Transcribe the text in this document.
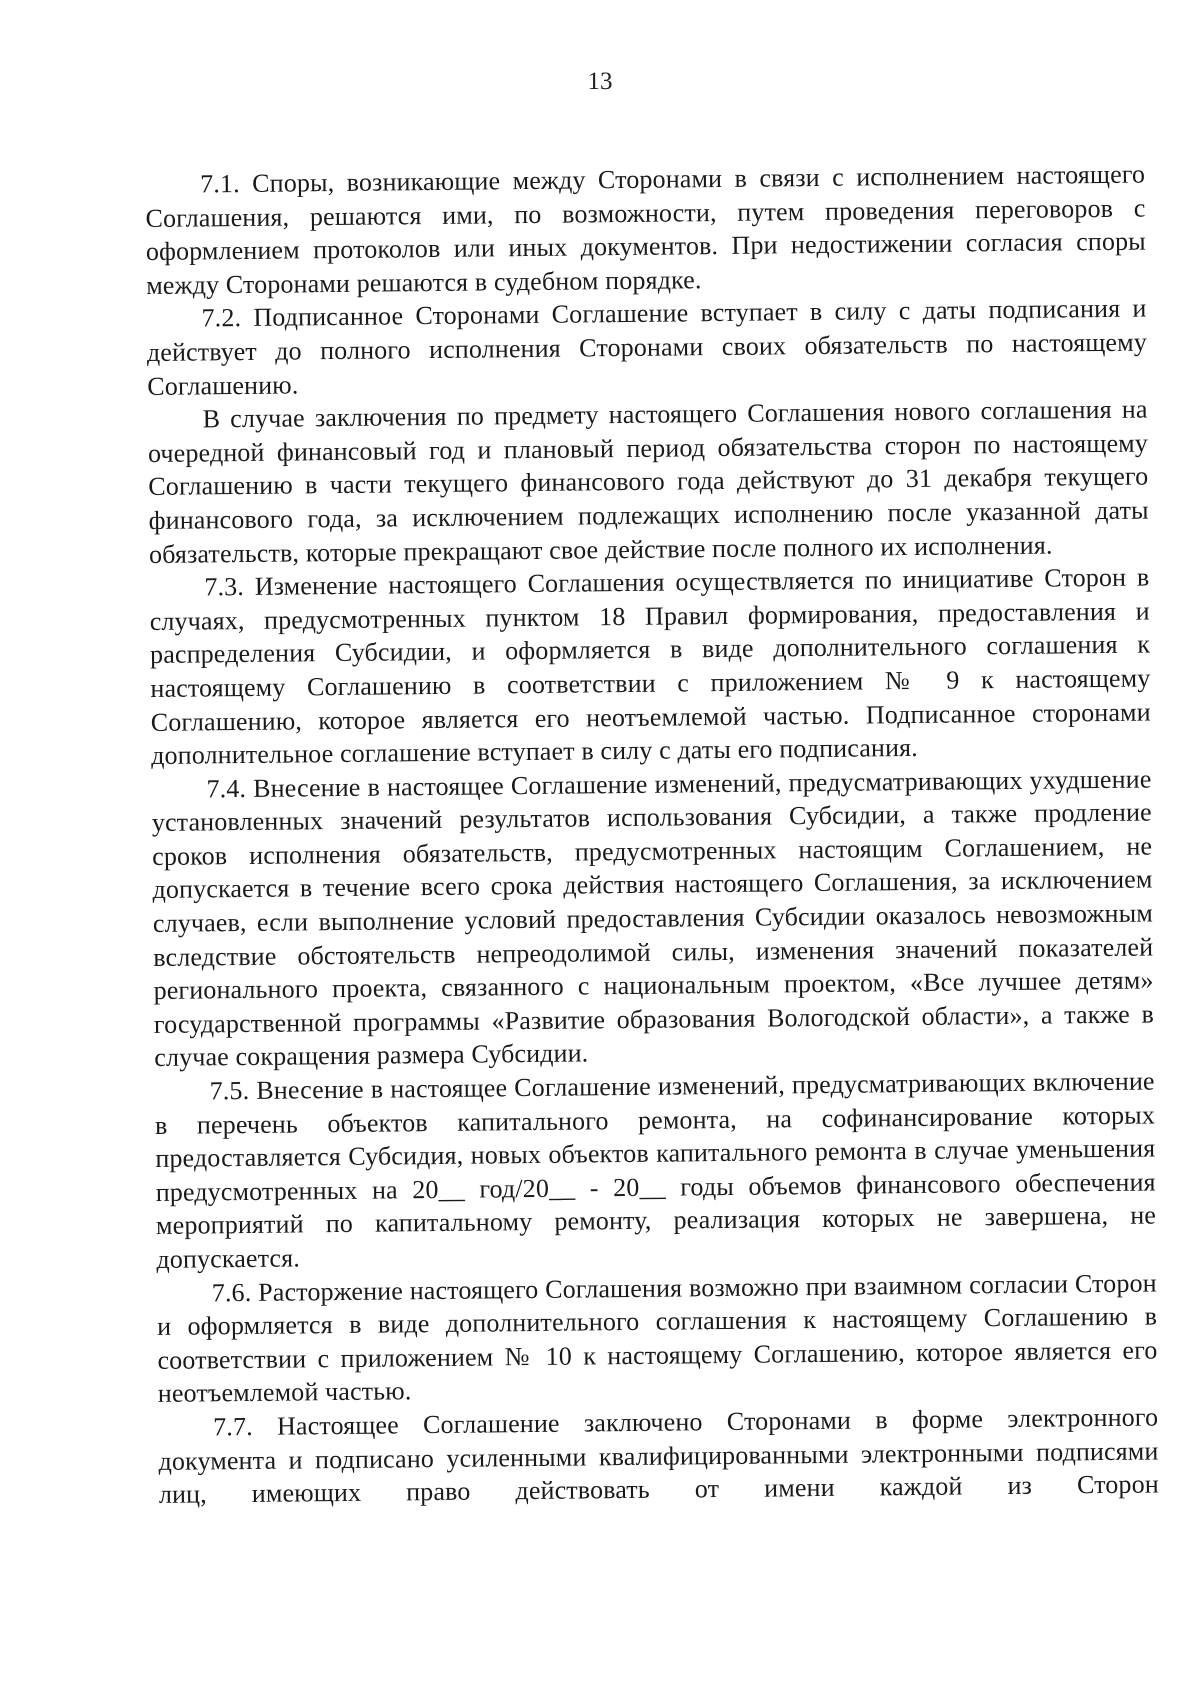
13

7.1. Споры, возникающие между Сторонами в связи с исполнением настоящего Соглашения, решаются ими, по возможности, путем проведения переговоров с оформлением протоколов или иных документов. При недостижении согласия споры между Сторонами решаются в судебном порядке.

7.2. Подписанное Сторонами Соглашение вступает в силу с даты подписания и действует до полного исполнения Сторонами своих обязательств по настоящему Соглашению.

В случае заключения по предмету настоящего Соглашения нового соглашения на очередной финансовый год и плановый период обязательства сторон по настоящему Соглашению в части текущего финансового года действуют до 31 декабря текущего финансового года, за исключением подлежащих исполнению после указанной даты обязательств, которые прекращают свое действие после полного их исполнения.

7.3. Изменение настоящего Соглашения осуществляется по инициативе Сторон в случаях, предусмотренных пунктом 18 Правил формирования, предоставления и распределения Субсидии, и оформляется в виде дополнительного соглашения к настоящему Соглашению в соответствии с приложением № 9 к настоящему Соглашению, которое является его неотъемлемой частью. Подписанное сторонами дополнительное соглашение вступает в силу с даты его подписания.

7.4. Внесение в настоящее Соглашение изменений, предусматривающих ухудшение установленных значений результатов использования Субсидии, а также продление сроков исполнения обязательств, предусмотренных настоящим Соглашением, не допускается в течение всего срока действия настоящего Соглашения, за исключением случаев, если выполнение условий предоставления Субсидии оказалось невозможным вследствие обстоятельств непреодолимой силы, изменения значений показателей регионального проекта, связанного с национальным проектом, «Все лучшее детям» государственной программы «Развитие образования Вологодской области», а также в случае сокращения размера Субсидии.

7.5. Внесение в настоящее Соглашение изменений, предусматривающих включение в перечень объектов капитального ремонта, на софинансирование которых предоставляется Субсидия, новых объектов капитального ремонта в случае уменьшения предусмотренных на 20__ год/20__ - 20__ годы объемов финансового обеспечения мероприятий по капитальному ремонту, реализация которых не завершена, не допускается.

7.6. Расторжение настоящего Соглашения возможно при взаимном согласии Сторон и оформляется в виде дополнительного соглашения к настоящему Соглашению в соответствии с приложением № 10 к настоящему Соглашению, которое является его неотъемлемой частью.

7.7. Настоящее Соглашение заключено Сторонами в форме электронного документа и подписано усиленными квалифицированными электронными подписями лиц, имеющих право действовать от имени каждой из Сторон
